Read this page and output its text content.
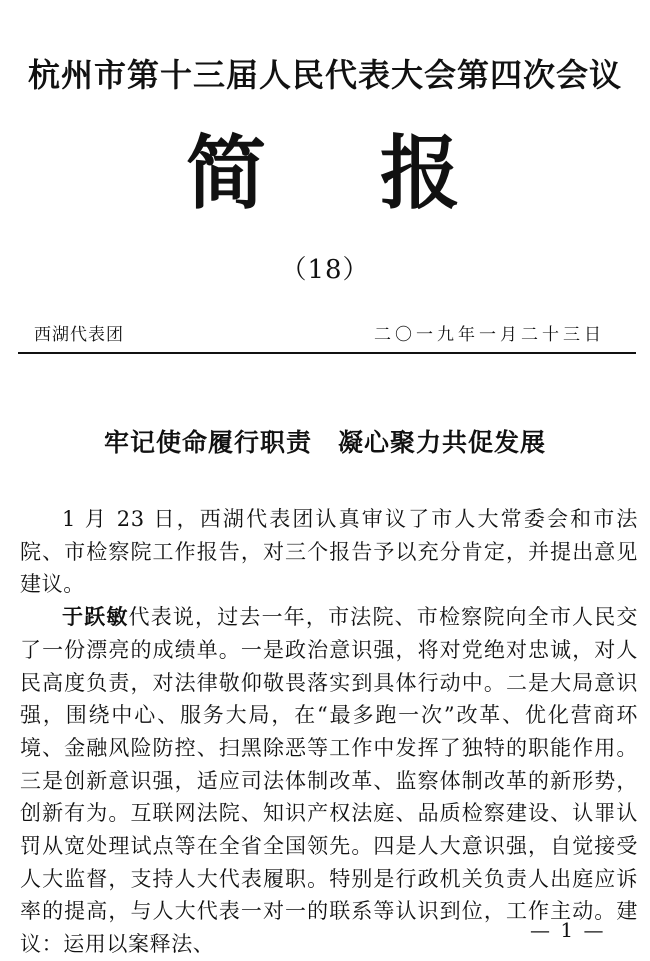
杭州市第十三届人民代表大会第四次会议
简 报
（18）
西湖代表团	二〇一九年一月二十三日
牢记使命履行职责　凝心聚力共促发展

1 月 23 日，西湖代表团认真审议了市人大常委会和市法院、市检察院工作报告，对三个报告予以充分肯定，并提出意见建议。

于跃敏代表说，过去一年，市法院、市检察院向全市人民交了一份漂亮的成绩单。一是政治意识强，将对党绝对忠诚，对人民高度负责，对法律敬仰敬畏落实到具体行动中。二是大局意识强，围绕中心、服务大局，在“最多跑一次”改革、优化营商环境、金融风险防控、扫黑除恶等工作中发挥了独特的职能作用。三是创新意识强，适应司法体制改革、监察体制改革的新形势，创新有为。互联网法院、知识产权法庭、品质检察建设、认罪认罚从宽处理试点等在全省全国领先。四是人大意识强，自觉接受人大监督，支持人大代表履职。特别是行政机关负责人出庭应诉率的提高，与人大代表一对一的联系等认识到位，工作主动。建议：运用以案释法、

— 1 —
